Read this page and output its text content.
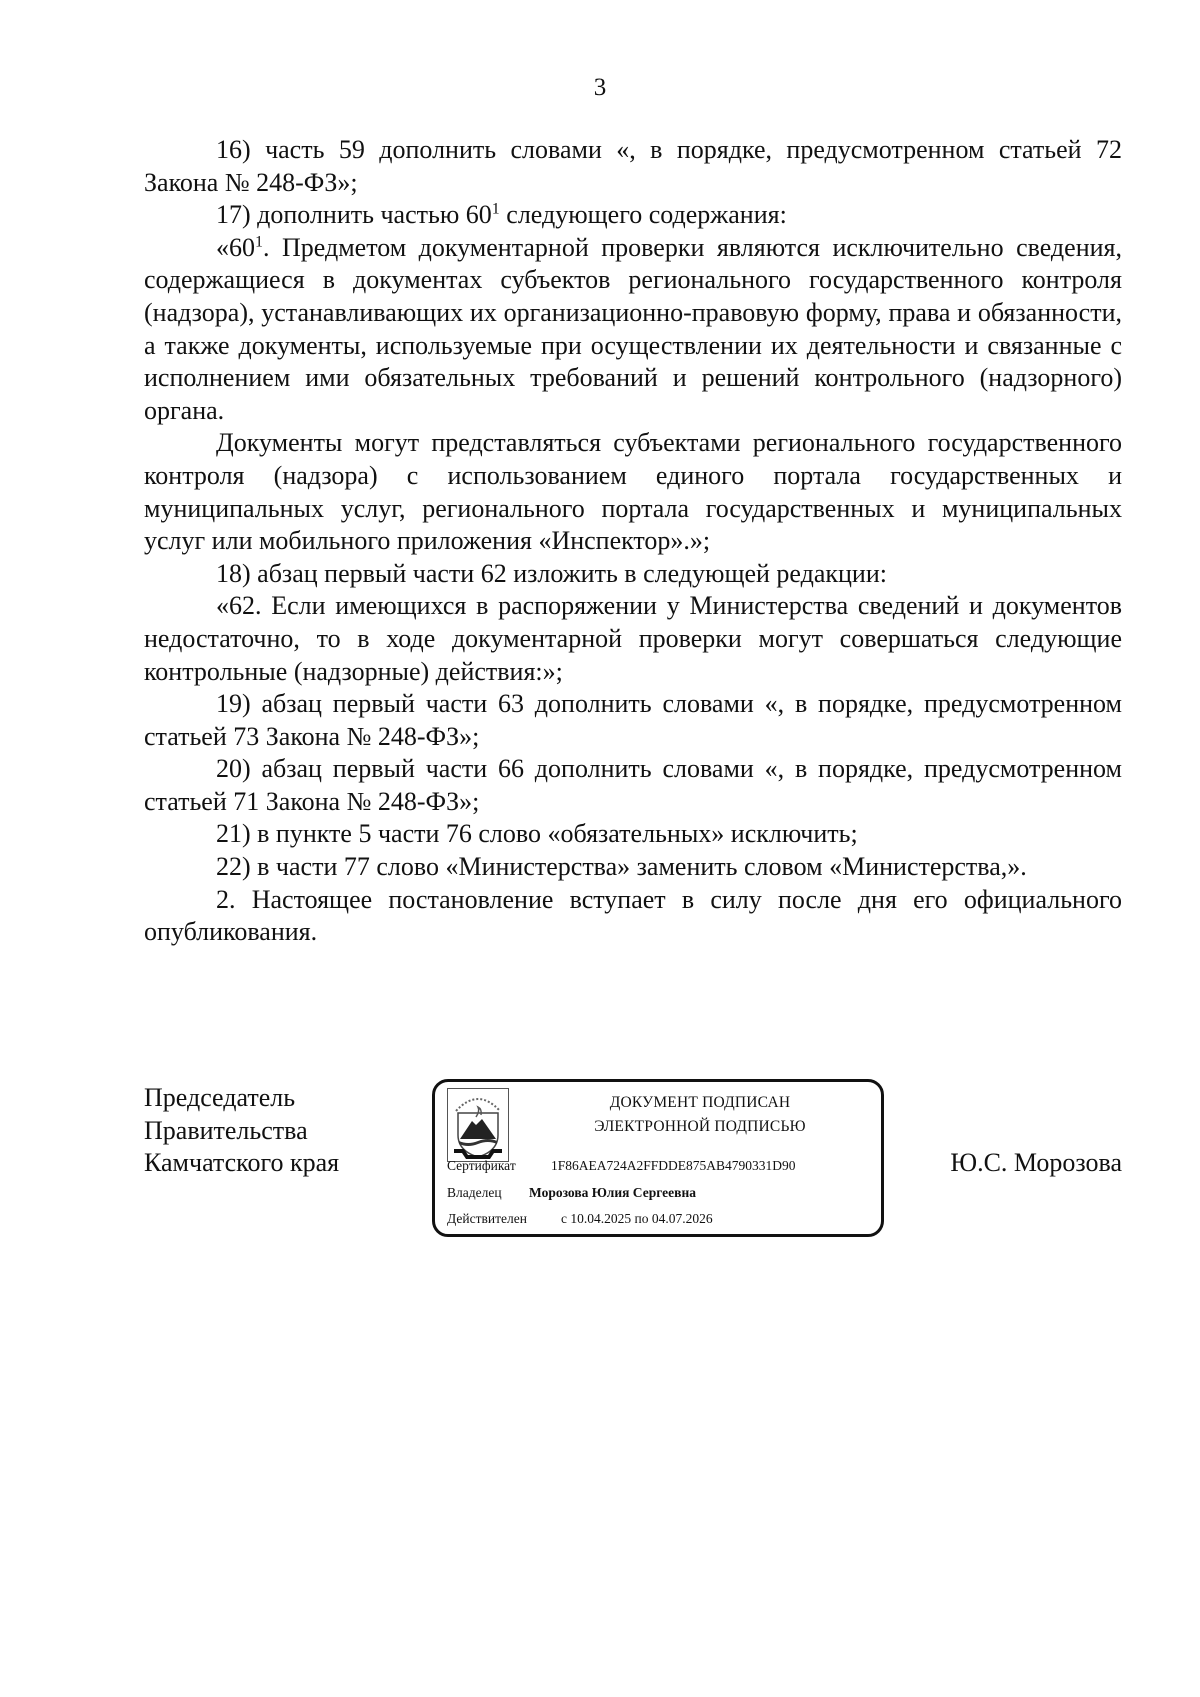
3

16) часть 59 дополнить словами «, в порядке, предусмотренном статьей 72 Закона № 248-ФЗ»;

17) дополнить частью $60^1$ следующего содержания:

«$60^1$. Предметом документарной проверки являются исключительно сведения, содержащиеся в документах субъектов регионального государственного контроля (надзора), устанавливающих их организационно-правовую форму, права и обязанности, а также документы, используемые при осуществлении их деятельности и связанные с исполнением ими обязательных требований и решений контрольного (надзорного) органа.

Документы могут представляться субъектами регионального государственного контроля (надзора) с использованием единого портала государственных и муниципальных услуг, регионального портала государственных и муниципальных услуг или мобильного приложения «Инспектор».»;

18) абзац первый части 62 изложить в следующей редакции:

«62. Если имеющихся в распоряжении у Министерства сведений и документов недостаточно, то в ходе документарной проверки могут совершаться следующие контрольные (надзорные) действия:»;

19) абзац первый части 63 дополнить словами «, в порядке, предусмотренном статьей 73 Закона № 248-ФЗ»;

20) абзац первый части 66 дополнить словами «, в порядке, предусмотренном статьей 71 Закона № 248-ФЗ»;

21) в пункте 5 части 76 слово «обязательных» исключить;

22) в части 77 слово «Министерства» заменить словом «Министерства,».

2. Настоящее постановление вступает в силу после дня его официального опубликования.

Председатель
Правительства
Камчатского края
ДОКУМЕНТ ПОДПИСАН
ЭЛЕКТРОННОЙ ПОДПИСЬЮ
Сертификат	1F86AEA724A2FFDDE875AB4790331D90
Владелец Морозова Юлия Сергеевна
Действителен	с 10.04.2025 по 04.07.2026
Ю.С. Морозова
